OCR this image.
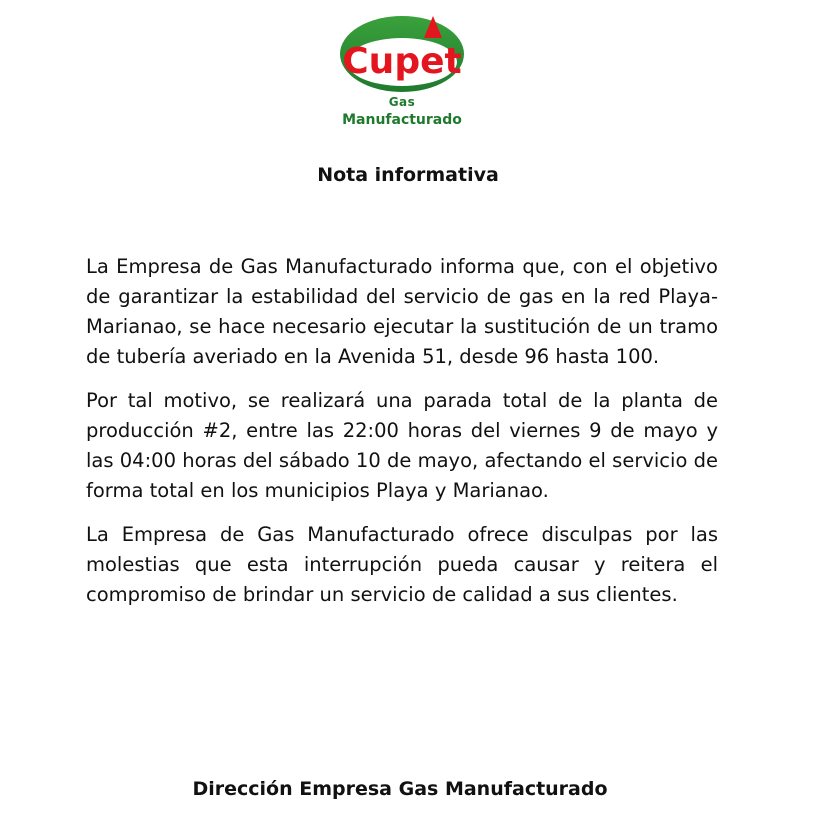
Cupet
Gas
Manufacturado
Nota informativa

La Empresa de Gas Manufacturado informa que, con el objetivo de garantizar la estabilidad del servicio de gas en la red Playa-Marianao, se hace necesario ejecutar la sustitución de un tramo de tubería averiado en la Avenida 51, desde 96 hasta 100.

Por tal motivo, se realizará una parada total de la planta de producción #2, entre las 22:00 horas del viernes 9 de mayo y las 04:00 horas del sábado 10 de mayo, afectando el servicio de forma total en los municipios Playa y Marianao.

La Empresa de Gas Manufacturado ofrece disculpas por las molestias que esta interrupción pueda causar y reitera el compromiso de brindar un servicio de calidad a sus clientes.

Dirección Empresa Gas Manufacturado
